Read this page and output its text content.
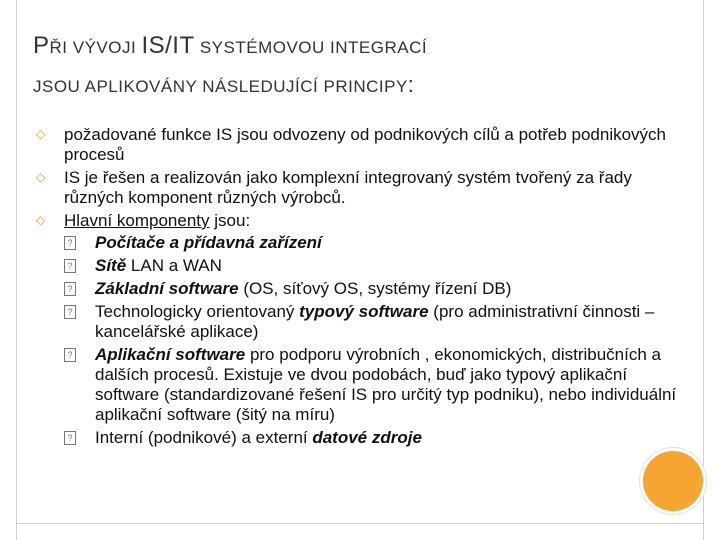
PŘI VÝVOJI IS/IT SYSTÉMOVOU INTEGRACÍ
JSOU APLIKOVÁNY NÁSLEDUJÍCÍ PRINCIPY:
◇ požadované funkce IS jsou odvozeny od podnikových cílů a potřeb podnikových procesů
◇ IS je řešen a realizován jako komplexní integrovaný systém tvořený za řady různých komponent různých výrobců.
◇ Hlavní komponenty jsou:
? Počítače a přídavná zařízení
? Sítě LAN a WAN
? Základní software (OS, síťový OS, systémy řízení DB)
? Technologicky orientovaný typový software (pro administrativní činnosti – kancelářské aplikace)
? Aplikační software pro podporu výrobních , ekonomických, distribučních a dalších procesů. Existuje ve dvou podobách, buď jako typový aplikační software (standardizované řešení IS pro určitý typ podniku), nebo individuální aplikační software (šitý na míru)
? Interní (podnikové) a externí datové zdroje
